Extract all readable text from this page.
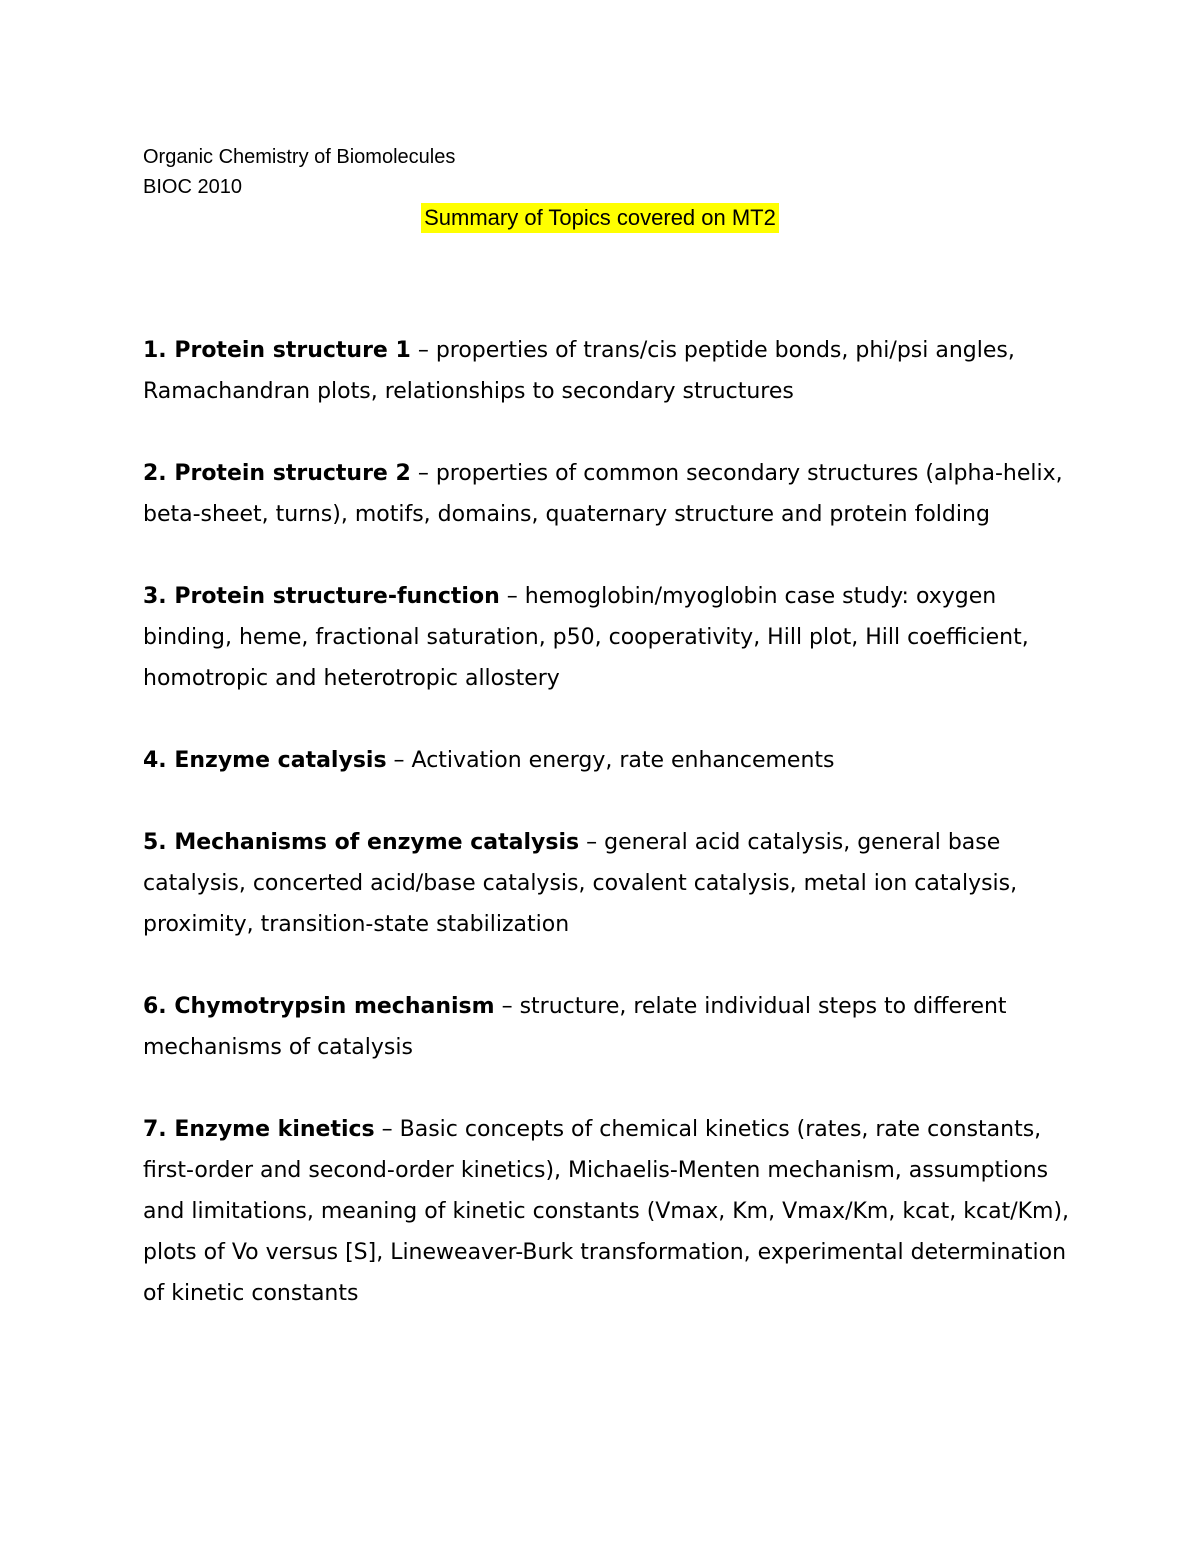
Organic Chemistry of Biomolecules
BIOC 2010
Summary of Topics covered on MT2

1. Protein structure 1 – properties of trans/cis peptide bonds, phi/psi angles, Ramachandran plots, relationships to secondary structures

2. Protein structure 2 – properties of common secondary structures (alpha-helix, beta-sheet, turns), motifs, domains, quaternary structure and protein folding

3. Protein structure-function – hemoglobin/myoglobin case study: oxygen binding, heme, fractional saturation, p50, cooperativity, Hill plot, Hill coefficient, homotropic and heterotropic allostery

4. Enzyme catalysis – Activation energy, rate enhancements

5. Mechanisms of enzyme catalysis – general acid catalysis, general base catalysis, concerted acid/base catalysis, covalent catalysis, metal ion catalysis, proximity, transition-state stabilization

6. Chymotrypsin mechanism – structure, relate individual steps to different mechanisms of catalysis

7. Enzyme kinetics – Basic concepts of chemical kinetics (rates, rate constants, first-order and second-order kinetics), Michaelis-Menten mechanism, assumptions and limitations, meaning of kinetic constants (Vmax, Km, Vmax/Km, kcat, kcat/Km), plots of Vo versus [S], Lineweaver-Burk transformation, experimental determination of kinetic constants
